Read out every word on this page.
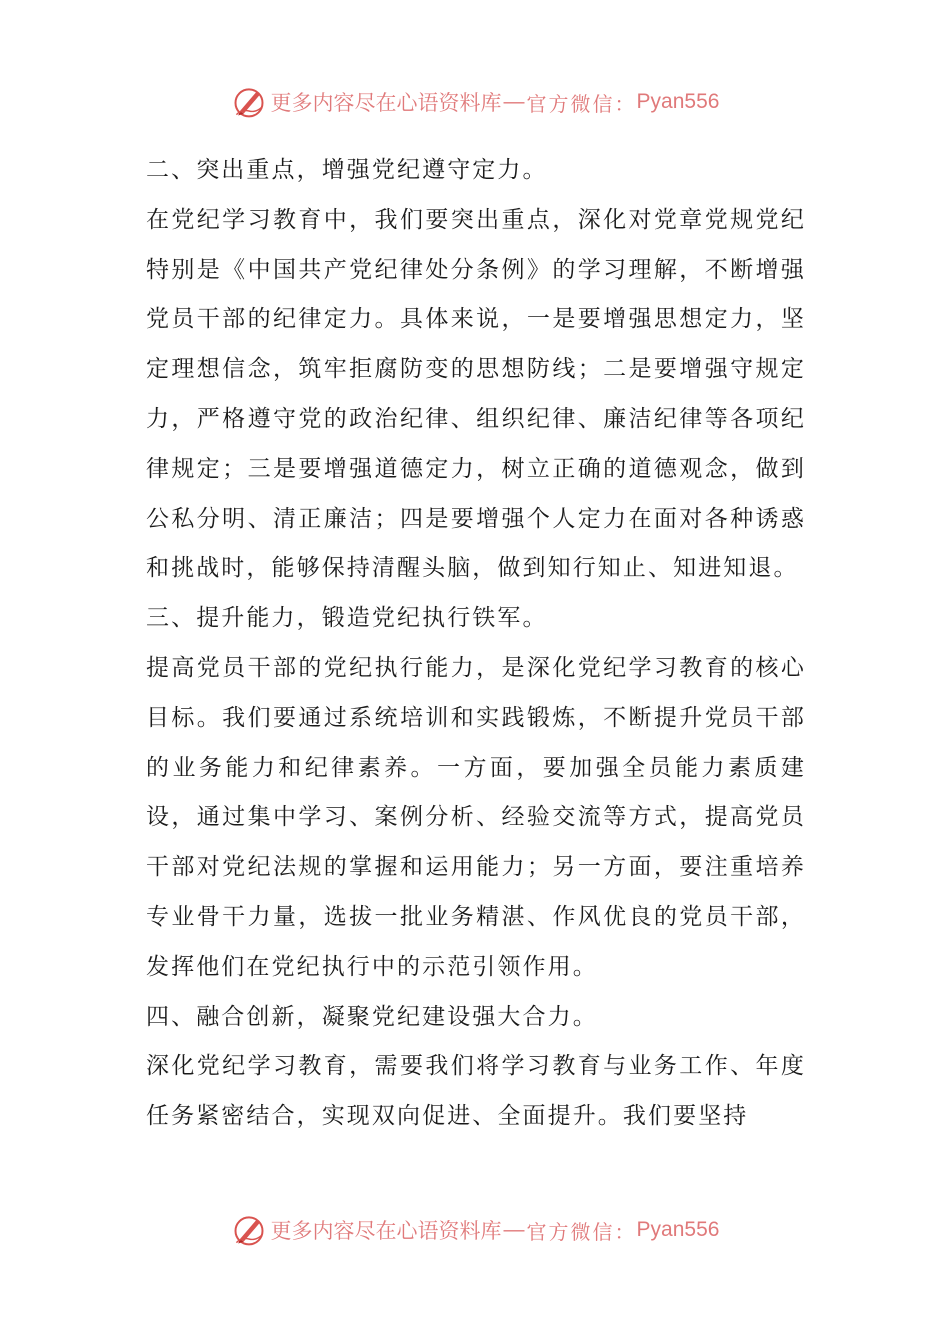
更多内容尽在心语资料库 — 官方微信： Pyan556

二、突出重点，增强党纪遵守定力。

在党纪学习教育中，我们要突出重点，深化对党章党规党纪特别是《中国共产党纪律处分条例》的学习理解，不断增强党员干部的纪律定力。具体来说，一是要增强思想定力，坚定理想信念，筑牢拒腐防变的思想防线；二是要增强守规定力，严格遵守党的政治纪律、组织纪律、廉洁纪律等各项纪律规定；三是要增强道德定力，树立正确的道德观念，做到公私分明、清正廉洁；四是要增强个人定力在面对各种诱惑和挑战时，能够保持清醒头脑，做到知行知止、知进知退。

三、提升能力，锻造党纪执行铁军。

提高党员干部的党纪执行能力，是深化党纪学习教育的核心目标。我们要通过系统培训和实践锻炼，不断提升党员干部的业务能力和纪律素养。一方面，要加强全员能力素质建设，通过集中学习、案例分析、经验交流等方式，提高党员干部对党纪法规的掌握和运用能力；另一方面，要注重培养专业骨干力量，选拔一批业务精湛、作风优良的党员干部，发挥他们在党纪执行中的示范引领作用。

四、融合创新，凝聚党纪建设强大合力。

深化党纪学习教育，需要我们将学习教育与业务工作、年度任务紧密结合，实现双向促进、全面提升。我们要坚持

更多内容尽在心语资料库 — 官方微信： Pyan556
